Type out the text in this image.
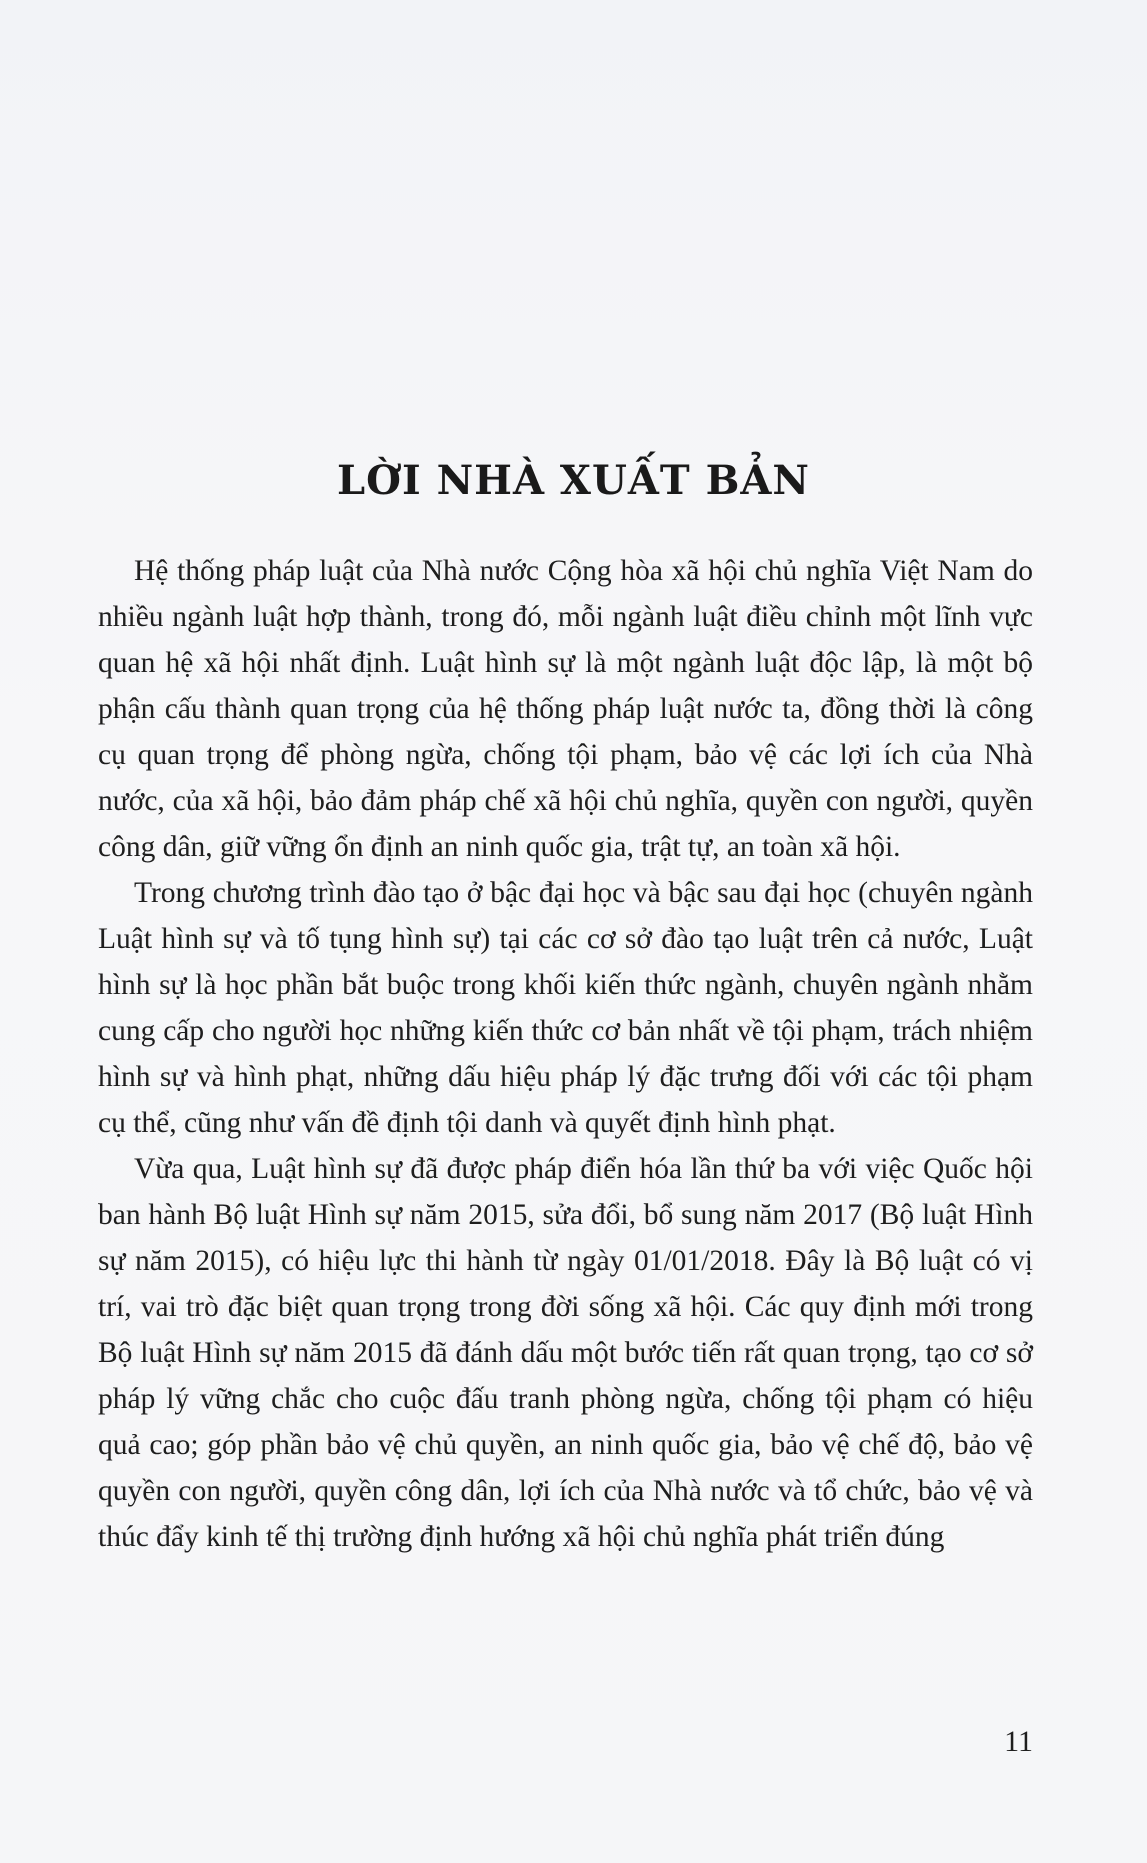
LỜI NHÀ XUẤT BẢN

Hệ thống pháp luật của Nhà nước Cộng hòa xã hội chủ nghĩa Việt Nam do nhiều ngành luật hợp thành, trong đó, mỗi ngành luật điều chỉnh một lĩnh vực quan hệ xã hội nhất định. Luật hình sự là một ngành luật độc lập, là một bộ phận cấu thành quan trọng của hệ thống pháp luật nước ta, đồng thời là công cụ quan trọng để phòng ngừa, chống tội phạm, bảo vệ các lợi ích của Nhà nước, của xã hội, bảo đảm pháp chế xã hội chủ nghĩa, quyền con người, quyền công dân, giữ vững ổn định an ninh quốc gia, trật tự, an toàn xã hội.

Trong chương trình đào tạo ở bậc đại học và bậc sau đại học (chuyên ngành Luật hình sự và tố tụng hình sự) tại các cơ sở đào tạo luật trên cả nước, Luật hình sự là học phần bắt buộc trong khối kiến thức ngành, chuyên ngành nhằm cung cấp cho người học những kiến thức cơ bản nhất về tội phạm, trách nhiệm hình sự và hình phạt, những dấu hiệu pháp lý đặc trưng đối với các tội phạm cụ thể, cũng như vấn đề định tội danh và quyết định hình phạt.

Vừa qua, Luật hình sự đã được pháp điển hóa lần thứ ba với việc Quốc hội ban hành Bộ luật Hình sự năm 2015, sửa đổi, bổ sung năm 2017 (Bộ luật Hình sự năm 2015), có hiệu lực thi hành từ ngày 01/01/2018. Đây là Bộ luật có vị trí, vai trò đặc biệt quan trọng trong đời sống xã hội. Các quy định mới trong Bộ luật Hình sự năm 2015 đã đánh dấu một bước tiến rất quan trọng, tạo cơ sở pháp lý vững chắc cho cuộc đấu tranh phòng ngừa, chống tội phạm có hiệu quả cao; góp phần bảo vệ chủ quyền, an ninh quốc gia, bảo vệ chế độ, bảo vệ quyền con người, quyền công dân, lợi ích của Nhà nước và tổ chức, bảo vệ và thúc đẩy kinh tế thị trường định hướng xã hội chủ nghĩa phát triển đúng

11
